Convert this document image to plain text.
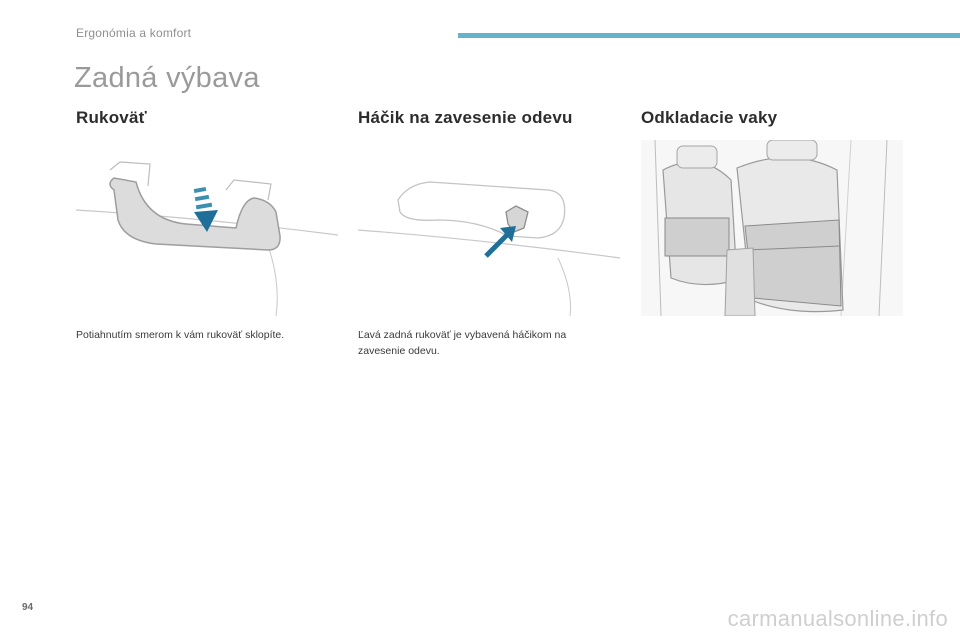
Ergonómia a komfort
Zadná výbava
Rukoväť
Potiahnutím smerom k vám rukoväť sklopíte.
Háčik na zavesenie odevu
Ľavá zadná rukoväť je vybavená háčikom na zavesenie odevu.
Odkladacie vaky
94	carmanualsonline.info
